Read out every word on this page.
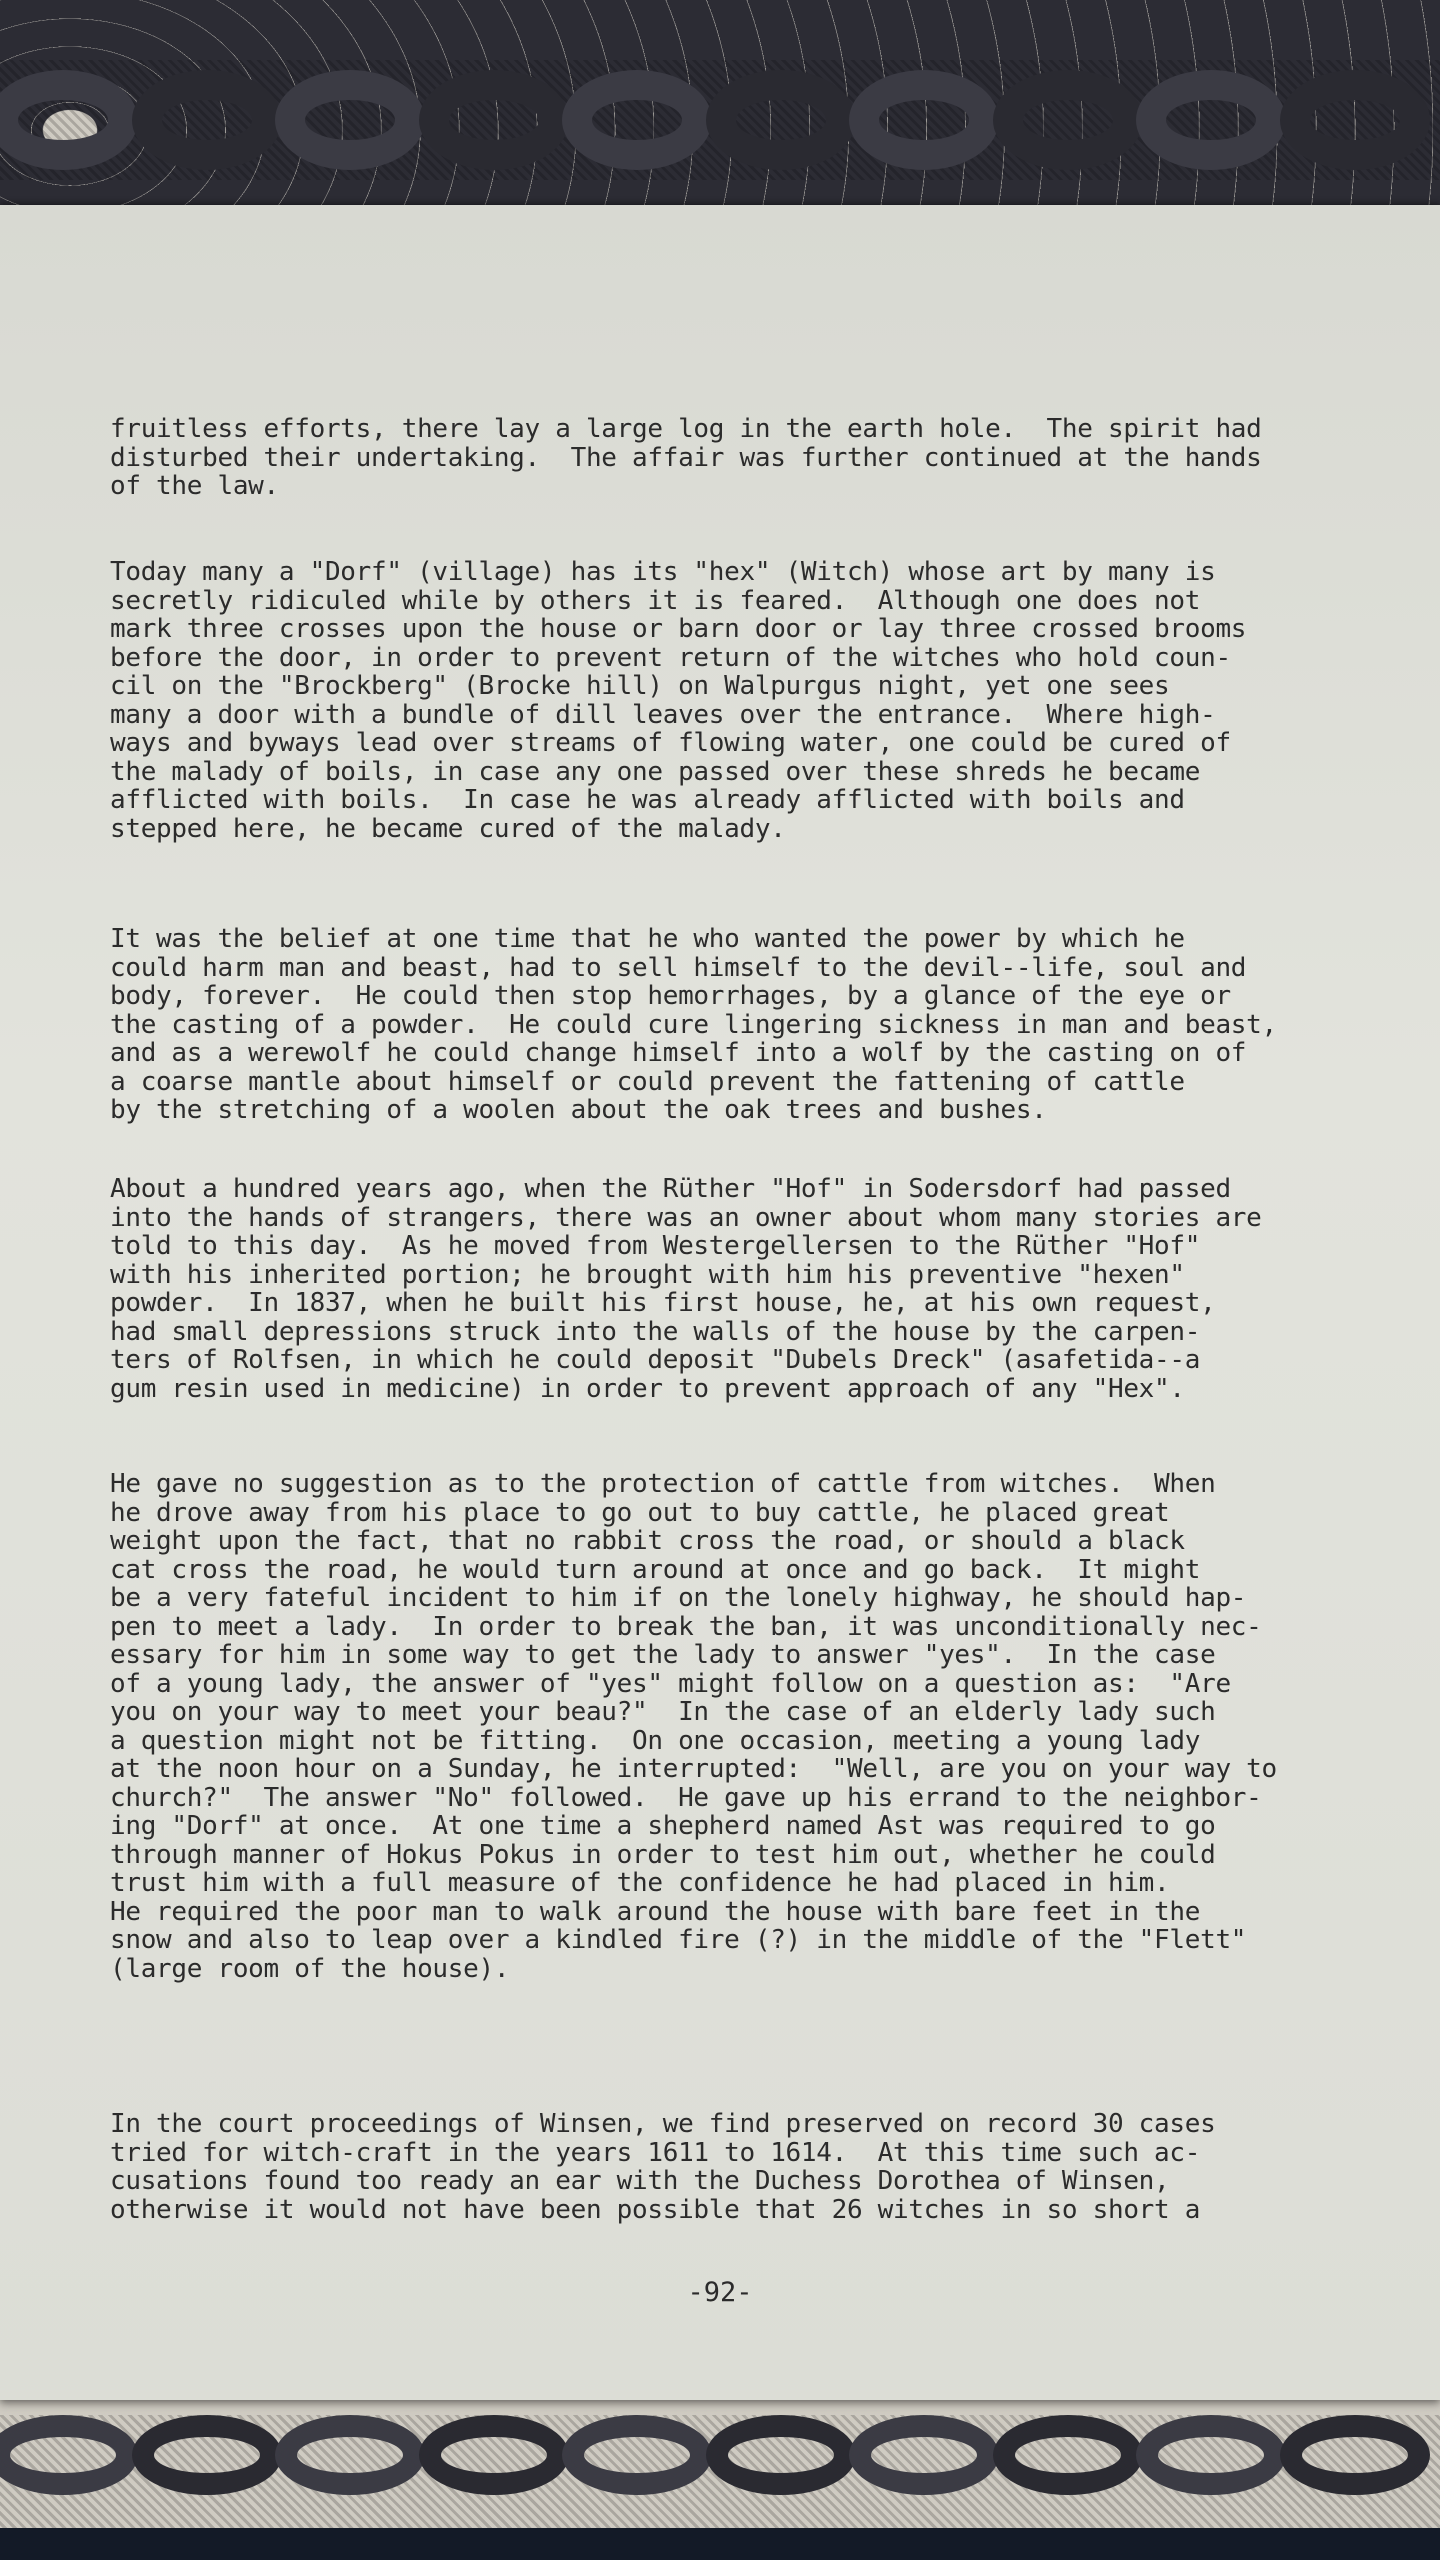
fruitless efforts, there lay a large log in the earth hole.  The spirit had
disturbed their undertaking.  The affair was further continued at the hands
of the law.
Today many a "Dorf" (village) has its "hex" (Witch) whose art by many is
secretly ridiculed while by others it is feared.  Although one does not
mark three crosses upon the house or barn door or lay three crossed brooms
before the door, in order to prevent return of the witches who hold coun-
cil on the "Brockberg" (Brocke hill) on Walpurgus night, yet one sees
many a door with a bundle of dill leaves over the entrance.  Where high-
ways and byways lead over streams of flowing water, one could be cured of
the malady of boils, in case any one passed over these shreds he became
afflicted with boils.  In case he was already afflicted with boils and
stepped here, he became cured of the malady.
It was the belief at one time that he who wanted the power by which he
could harm man and beast, had to sell himself to the devil--life, soul and
body, forever.  He could then stop hemorrhages, by a glance of the eye or
the casting of a powder.  He could cure lingering sickness in man and beast,
and as a werewolf he could change himself into a wolf by the casting on of
a coarse mantle about himself or could prevent the fattening of cattle
by the stretching of a woolen about the oak trees and bushes.
About a hundred years ago, when the Rüther "Hof" in Sodersdorf had passed
into the hands of strangers, there was an owner about whom many stories are
told to this day.  As he moved from Westergellersen to the Rüther "Hof"
with his inherited portion; he brought with him his preventive "hexen"
powder.  In 1837, when he built his first house, he, at his own request,
had small depressions struck into the walls of the house by the carpen-
ters of Rolfsen, in which he could deposit "Dubels Dreck" (asafetida--a
gum resin used in medicine) in order to prevent approach of any "Hex".
He gave no suggestion as to the protection of cattle from witches.  When
he drove away from his place to go out to buy cattle, he placed great
weight upon the fact, that no rabbit cross the road, or should a black
cat cross the road, he would turn around at once and go back.  It might
be a very fateful incident to him if on the lonely highway, he should hap-
pen to meet a lady.  In order to break the ban, it was unconditionally nec-
essary for him in some way to get the lady to answer "yes".  In the case
of a young lady, the answer of "yes" might follow on a question as:  "Are
you on your way to meet your beau?"  In the case of an elderly lady such
a question might not be fitting.  On one occasion, meeting a young lady
at the noon hour on a Sunday, he interrupted:  "Well, are you on your way to
church?"  The answer "No" followed.  He gave up his errand to the neighbor-
ing "Dorf" at once.  At one time a shepherd named Ast was required to go
through manner of Hokus Pokus in order to test him out, whether he could
trust him with a full measure of the confidence he had placed in him.
He required the poor man to walk around the house with bare feet in the
snow and also to leap over a kindled fire (?) in the middle of the "Flett"
(large room of the house).
In the court proceedings of Winsen, we find preserved on record 30 cases
tried for witch-craft in the years 1611 to 1614.  At this time such ac-
cusations found too ready an ear with the Duchess Dorothea of Winsen,
otherwise it would not have been possible that 26 witches in so short a
-92-
